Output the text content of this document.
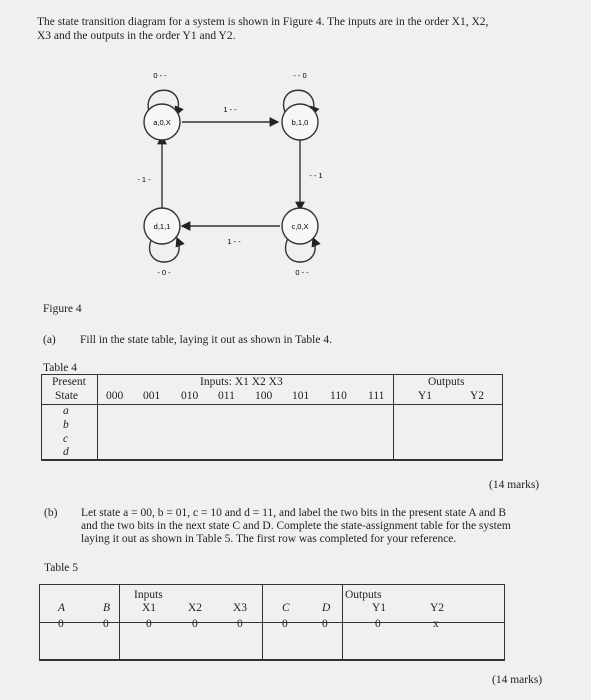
The state transition diagram for a system is shown in Figure 4. The inputs are in the order X1, X2,
X3 and the outputs in the order Y1 and Y2.
a,0,X	b,1,0
d,1,1	c,0,X
0 - -	- - 0
1 - -
- 1 -	- - 1
1 - -
- 0 -	0 - -
Figure 4
(a) Fill in the state table, laying it out as shown in Table 4.
Table 4
Present
State
Inputs: X1 X2 X3
000 001 010 011 100 101 110 111
Outputs
Y1	Y2
a
b
c
d
(14 marks)
(b) Let state a = 00, b = 01, c = 10 and d = 11, and label the two bits in the present state A and B
and the two bits in the next state C and D. Complete the state-assignment table for the system
laying it out as shown in Table 5. The first row was completed for your reference.
Table 5
Inputs	Outputs
A	B	X1	X2	X3	C	D	Y1	Y2
0	0	0	0	0	0	0	0	x
(14 marks)
